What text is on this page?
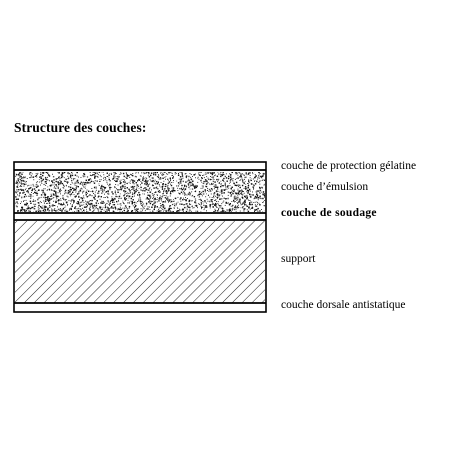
Structure des couches:
couche de protection gélatine
couche d’émulsion
couche de soudage
support
couche dorsale antistatique
